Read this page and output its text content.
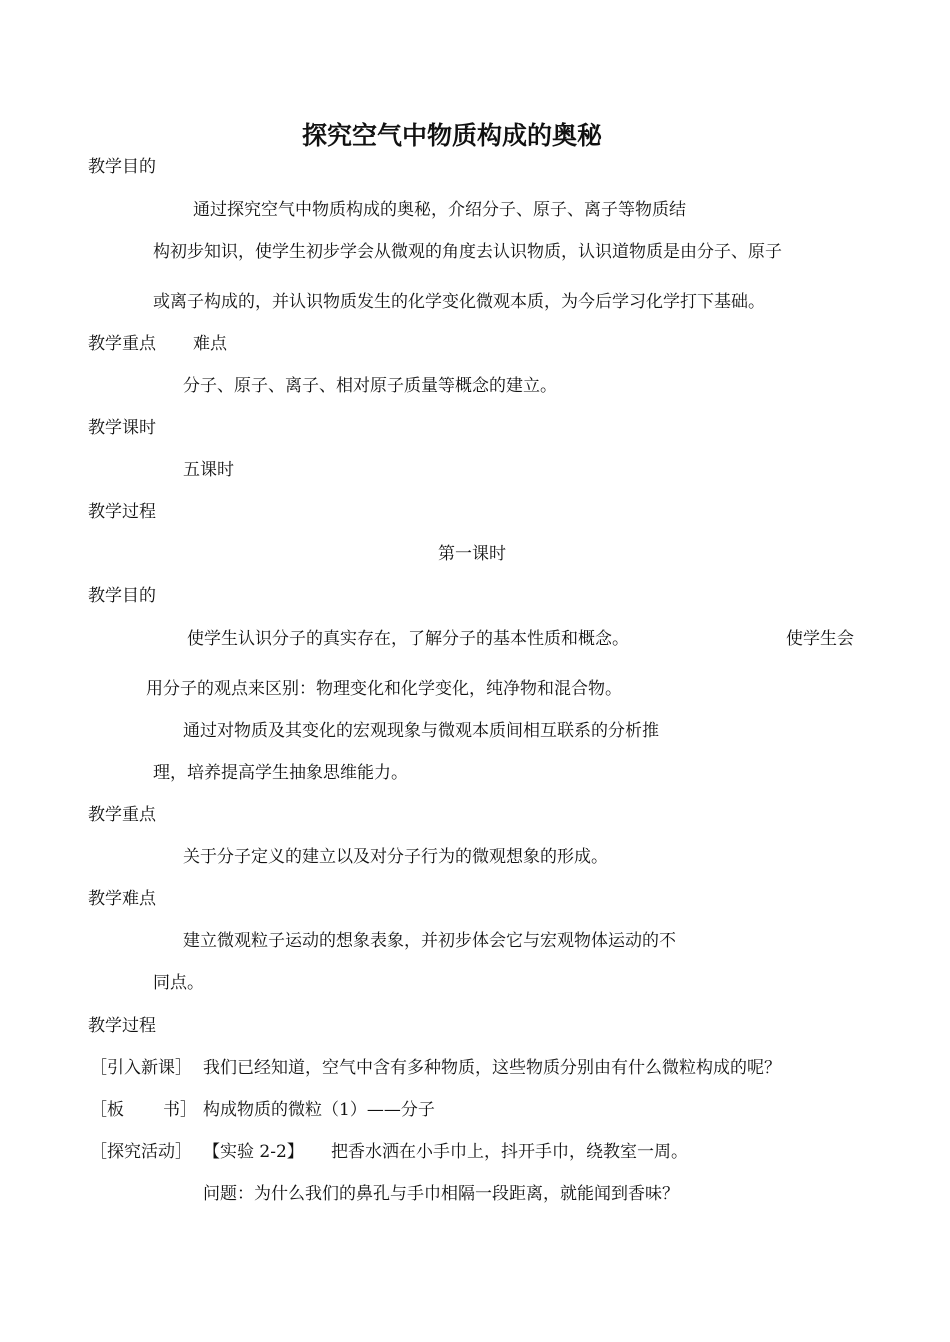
探究空气中物质构成的奥秘
教学目的
通过探究空气中物质构成的奥秘，介绍分子、原子、离子等物质结
构初步知识，使学生初步学会从微观的角度去认识物质，认识道物质是由分子、原子
或离子构成的，并认识物质发生的化学变化微观本质，为今后学习化学打下基础。
教学重点 难点
分子、原子、离子、相对原子质量等概念的建立。
教学课时
五课时
教学过程
第一课时
教学目的
使学生认识分子的真实存在，了解分子的基本性质和概念。	使学生会
用分子的观点来区别：物理变化和化学变化，纯净物和混合物。
通过对物质及其变化的宏观现象与微观本质间相互联系的分析推
理，培养提高学生抽象思维能力。
教学重点
关于分子定义的建立以及对分子行为的微观想象的形成。
教学难点
建立微观粒子运动的想象表象，并初步体会它与宏观物体运动的不
同点。
教学过程
［引入新课］ 我们已经知道，空气中含有多种物质，这些物质分别由有什么微粒构成的呢？
［板 书］ 构成物质的微粒（1）——分子
［探究活动］ 【实验 2-2】 把香水洒在小手巾上，抖开手巾，绕教室一周。
问题：为什么我们的鼻孔与手巾相隔一段距离，就能闻到香味？
